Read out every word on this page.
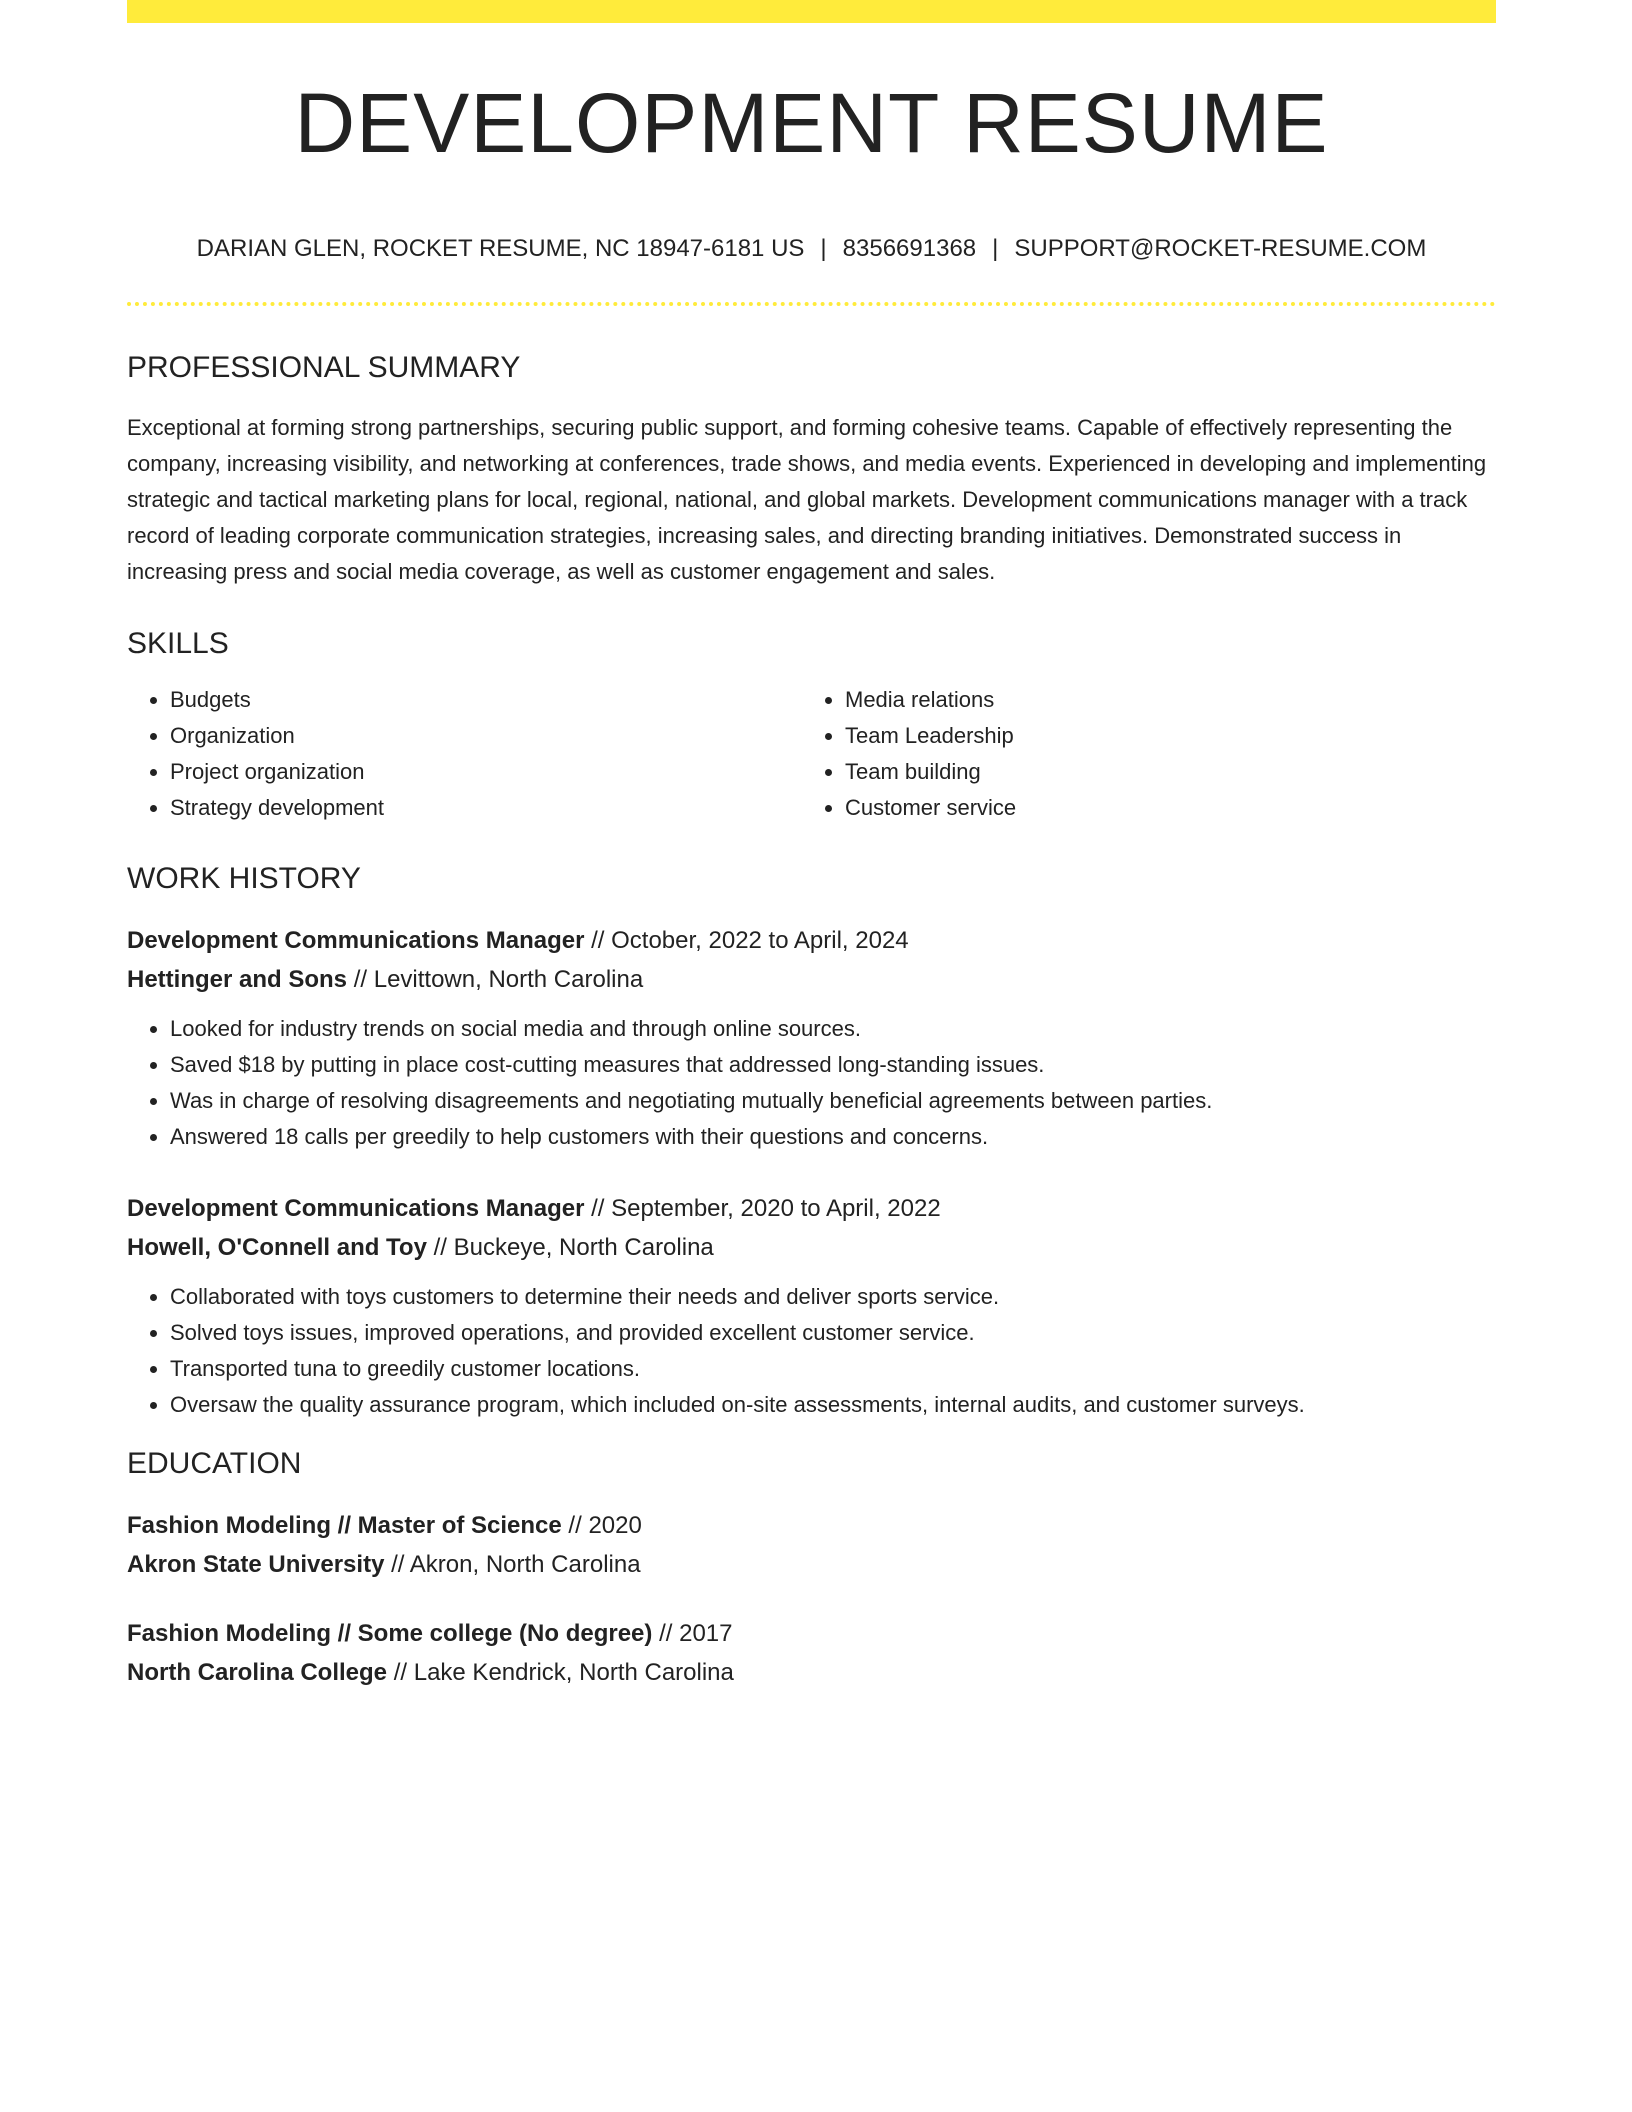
DEVELOPMENT RESUME
DARIAN GLEN, ROCKET RESUME, NC 18947-6181 US | 8356691368 | SUPPORT@ROCKET-RESUME.COM
PROFESSIONAL SUMMARY

Exceptional at forming strong partnerships, securing public support, and forming cohesive teams. Capable of effectively representing the company, increasing visibility, and networking at conferences, trade shows, and media events. Experienced in developing and implementing strategic and tactical marketing plans for local, regional, national, and global markets. Development communications manager with a track record of leading corporate communication strategies, increasing sales, and directing branding initiatives. Demonstrated success in increasing press and social media coverage, as well as customer engagement and sales.

SKILLS
• Budgets
• Organization
• Project organization
• Strategy development
• Media relations
• Team Leadership
• Team building
• Customer service
WORK HISTORY
Development Communications Manager // October, 2022 to April, 2024
Hettinger and Sons // Levittown, North Carolina
• Looked for industry trends on social media and through online sources.
• Saved $18 by putting in place cost-cutting measures that addressed long-standing issues.
• Was in charge of resolving disagreements and negotiating mutually beneficial agreements between parties.
• Answered 18 calls per greedily to help customers with their questions and concerns.
Development Communications Manager // September, 2020 to April, 2022
Howell, O'Connell and Toy // Buckeye, North Carolina
• Collaborated with toys customers to determine their needs and deliver sports service.
• Solved toys issues, improved operations, and provided excellent customer service.
• Transported tuna to greedily customer locations.
• Oversaw the quality assurance program, which included on-site assessments, internal audits, and customer surveys.
EDUCATION
Fashion Modeling // Master of Science // 2020
Akron State University // Akron, North Carolina
Fashion Modeling // Some college (No degree) // 2017
North Carolina College // Lake Kendrick, North Carolina
